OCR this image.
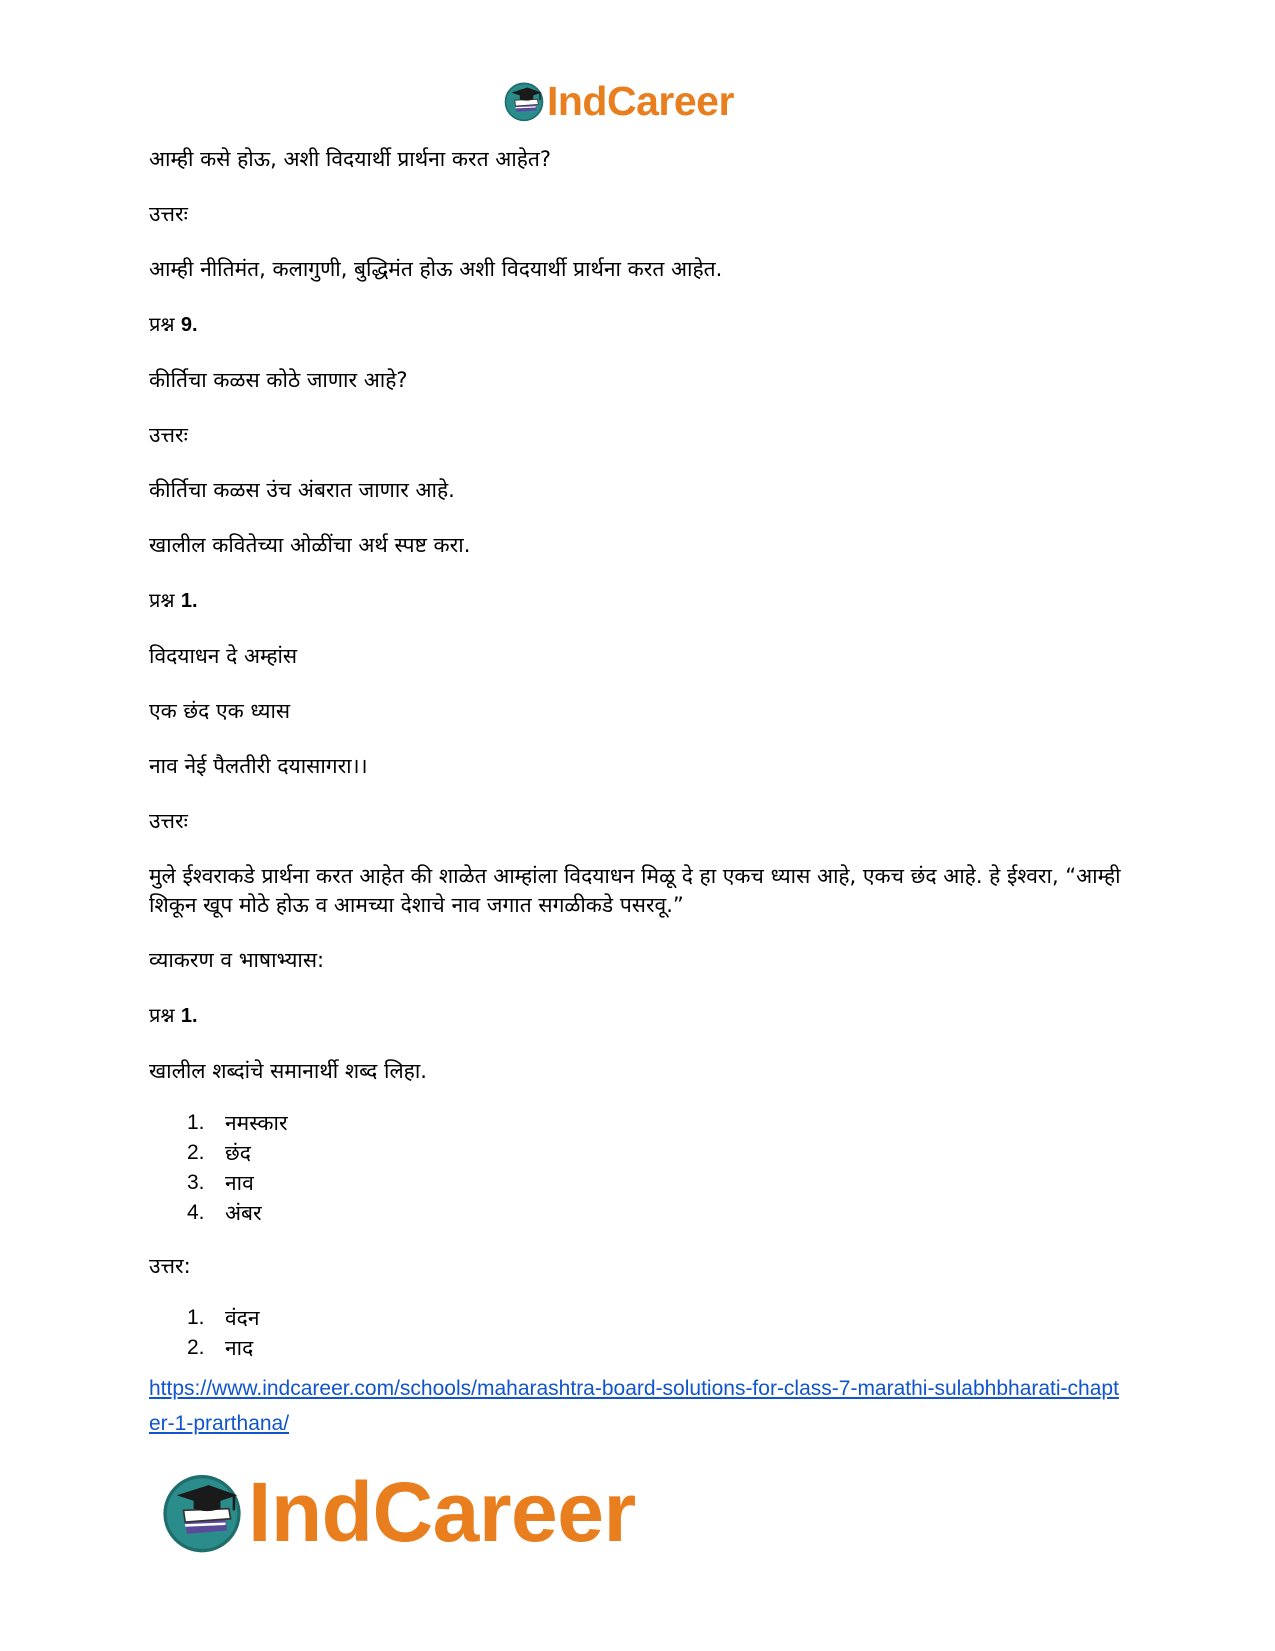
IndCareer

आम्ही कसे होऊ, अशी विदयार्थी प्रार्थना करत आहेत?

उत्तरः

आम्ही नीतिमंत, कलागुणी, बुद्धिमंत होऊ अशी विदयार्थी प्रार्थना करत आहेत.

प्रश्न 9.

कीर्तिचा कळस कोठे जाणार आहे?

उत्तरः

कीर्तिचा कळस उंच अंबरात जाणार आहे.

खालील कवितेच्या ओळींचा अर्थ स्पष्ट करा.

प्रश्न 1.

विदयाधन दे अम्हांस

एक छंद एक ध्यास

नाव नेई पैलतीरी दयासागरा।।

उत्तरः

मुले ईश्वराकडे प्रार्थना करत आहेत की शाळेत आम्हांला विदयाधन मिळू दे हा एकच ध्यास आहे, एकच छंद आहे. हे ईश्वरा, “आम्ही शिकून खूप मोठे होऊ व आमच्या देशाचे नाव जगात सगळीकडे पसरवू.”

व्याकरण व भाषाभ्यास:

प्रश्न 1.

खालील शब्दांचे समानार्थी शब्द लिहा.

1. नमस्कार
2. छंद
3. नाव
4. अंबर

उत्तर:

1. वंदन
2. नाद
https://www.indcareer.com/schools/maharashtra-board-solutions-for-class-7-marathi-sulabhbharati-chapter-1-prarthana/
IndCareer
